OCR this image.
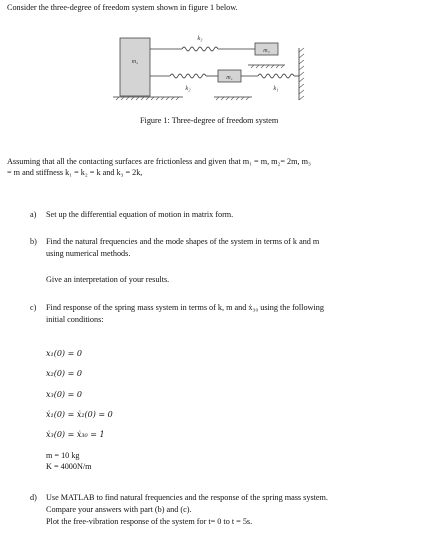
Consider the three-degree of freedom system shown in figure 1 below.
m₂
m₁
m₃
k₃
k₂	k₁
Figure 1: Three-degree of freedom system
Assuming that all the contacting surfaces are frictionless and given that m₁ = m, m₂= 2m, m₃
= m and stiffness k₁ = k₂ = k and k₃ = 2k,
a) Set up the differential equation of motion in matrix form.
b) Find the natural frequencies and the mode shapes of the system in terms of k and m
using numerical methods.
Give an interpretation of your results.
c) Find response of the spring mass system in terms of k, m and ẋ₃₀ using the following
initial conditions:
x₁(0) = 0
x₂(0) = 0
x₃(0) = 0
ẋ₁(0) = ẋ₂(0) = 0
ẋ₃(0) = ẋ₃₀ = 1
m = 10 kg
K = 4000N/m
d) Use MATLAB to find natural frequencies and the response of the spring mass system.
Compare your answers with part (b) and (c).
Plot the free-vibration response of the system for t= 0 to t = 5s.
